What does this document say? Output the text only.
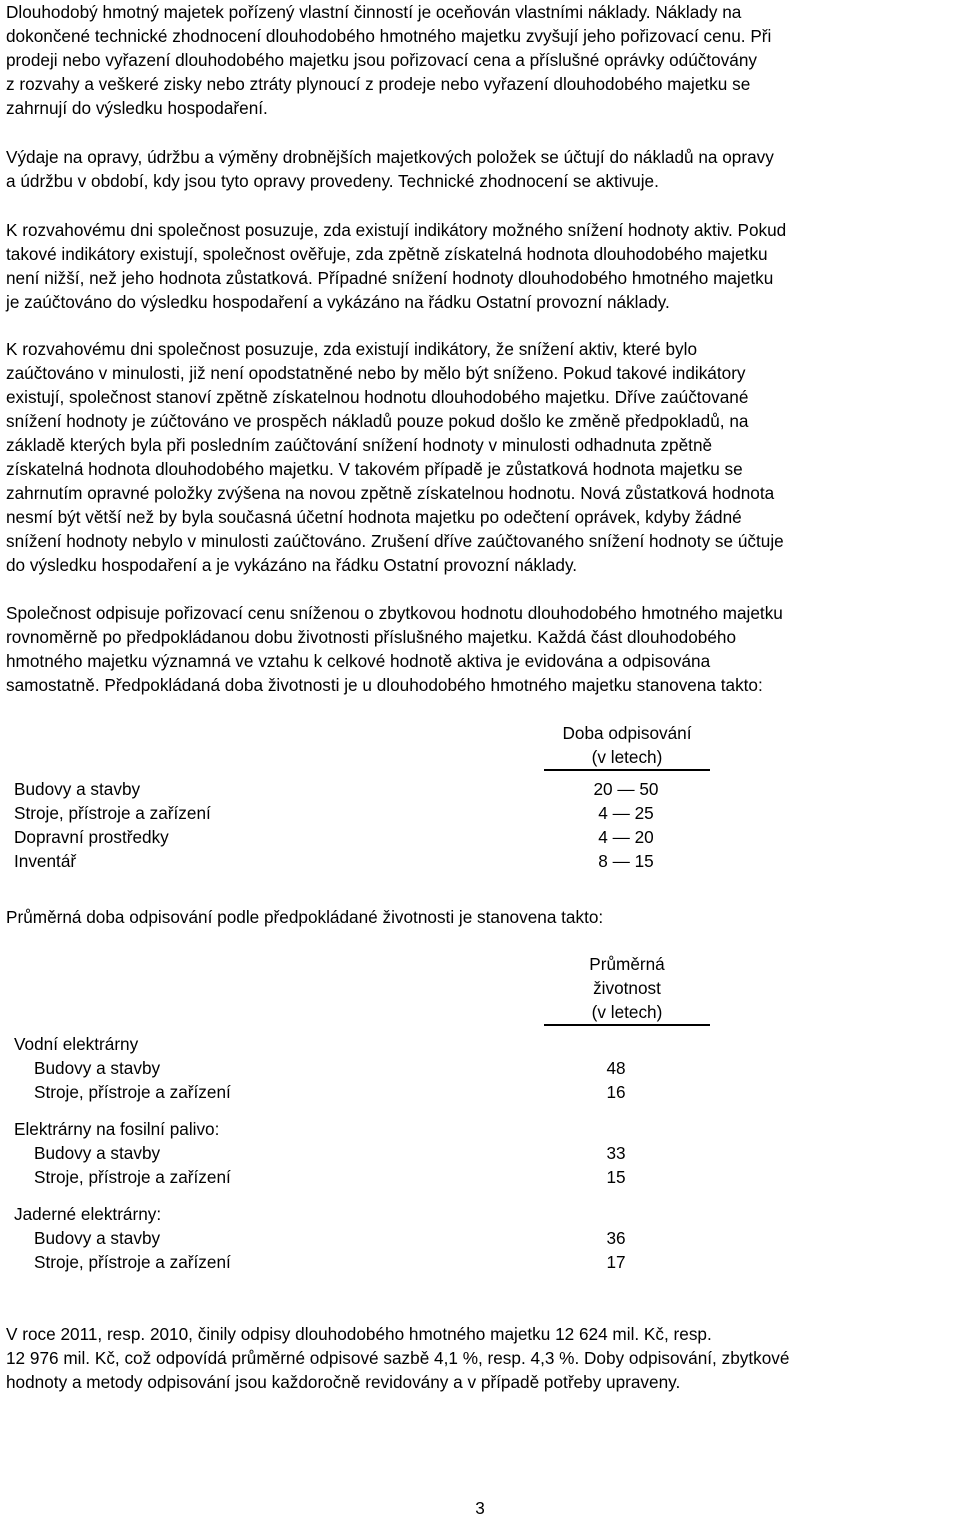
Dlouhodobý hmotný majetek pořízený vlastní činností je oceňován vlastními náklady. Náklady na
dokončené technické zhodnocení dlouhodobého hmotného majetku zvyšují jeho pořizovací cenu. Při
prodeji nebo vyřazení dlouhodobého majetku jsou pořizovací cena a příslušné oprávky odúčtovány
z rozvahy a veškeré zisky nebo ztráty plynoucí z prodeje nebo vyřazení dlouhodobého majetku se
zahrnují do výsledku hospodaření.
Výdaje na opravy, údržbu a výměny drobnějších majetkových položek se účtují do nákladů na opravy
a údržbu v období, kdy jsou tyto opravy provedeny. Technické zhodnocení se aktivuje.
K rozvahovému dni společnost posuzuje, zda existují indikátory možného snížení hodnoty aktiv. Pokud
takové indikátory existují, společnost ověřuje, zda zpětně získatelná hodnota dlouhodobého majetku
není nižší, než jeho hodnota zůstatková. Případné snížení hodnoty dlouhodobého hmotného majetku
je zaúčtováno do výsledku hospodaření a vykázáno na řádku Ostatní provozní náklady.
K rozvahovému dni společnost posuzuje, zda existují indikátory, že snížení aktiv, které bylo
zaúčtováno v minulosti, již není opodstatněné nebo by mělo být sníženo. Pokud takové indikátory
existují, společnost stanoví zpětně získatelnou hodnotu dlouhodobého majetku. Dříve zaúčtované
snížení hodnoty je zúčtováno ve prospěch nákladů pouze pokud došlo ke změně předpokladů, na
základě kterých byla při posledním zaúčtování snížení hodnoty v minulosti odhadnuta zpětně
získatelná hodnota dlouhodobého majetku. V takovém případě je zůstatková hodnota majetku se
zahrnutím opravné položky zvýšena na novou zpětně získatelnou hodnotu. Nová zůstatková hodnota
nesmí být větší než by byla současná účetní hodnota majetku po odečtení oprávek, kdyby žádné
snížení hodnoty nebylo v minulosti zaúčtováno. Zrušení dříve zaúčtovaného snížení hodnoty se účtuje
do výsledku hospodaření a je vykázáno na řádku Ostatní provozní náklady.
Společnost odpisuje pořizovací cenu sníženou o zbytkovou hodnotu dlouhodobého hmotného majetku
rovnoměrně po předpokládanou dobu životnosti příslušného majetku. Každá část dlouhodobého
hmotného majetku významná ve vztahu k celkové hodnotě aktiva je evidována a odpisována
samostatně. Předpokládaná doba životnosti je u dlouhodobého hmotného majetku stanovena takto:
Doba odpisování
(v letech)
Budovy a stavby	20 — 50
Stroje, přístroje a zařízení	4 — 25
Dopravní prostředky	4 — 20
Inventář	8 — 15
Průměrná doba odpisování podle předpokládané životnosti je stanovena takto:
Průměrná
životnost
(v letech)
Vodní elektrárny
Budovy a stavby	48
Stroje, přístroje a zařízení	16
Elektrárny na fosilní palivo:
Budovy a stavby	33
Stroje, přístroje a zařízení	15
Jaderné elektrárny:
Budovy a stavby	36
Stroje, přístroje a zařízení	17
V roce 2011, resp. 2010, činily odpisy dlouhodobého hmotného majetku 12 624 mil. Kč, resp.
12 976 mil. Kč, což odpovídá průměrné odpisové sazbě 4,1 %, resp. 4,3 %. Doby odpisování, zbytkové
hodnoty a metody odpisování jsou každoročně revidovány a v případě potřeby upraveny.
3
